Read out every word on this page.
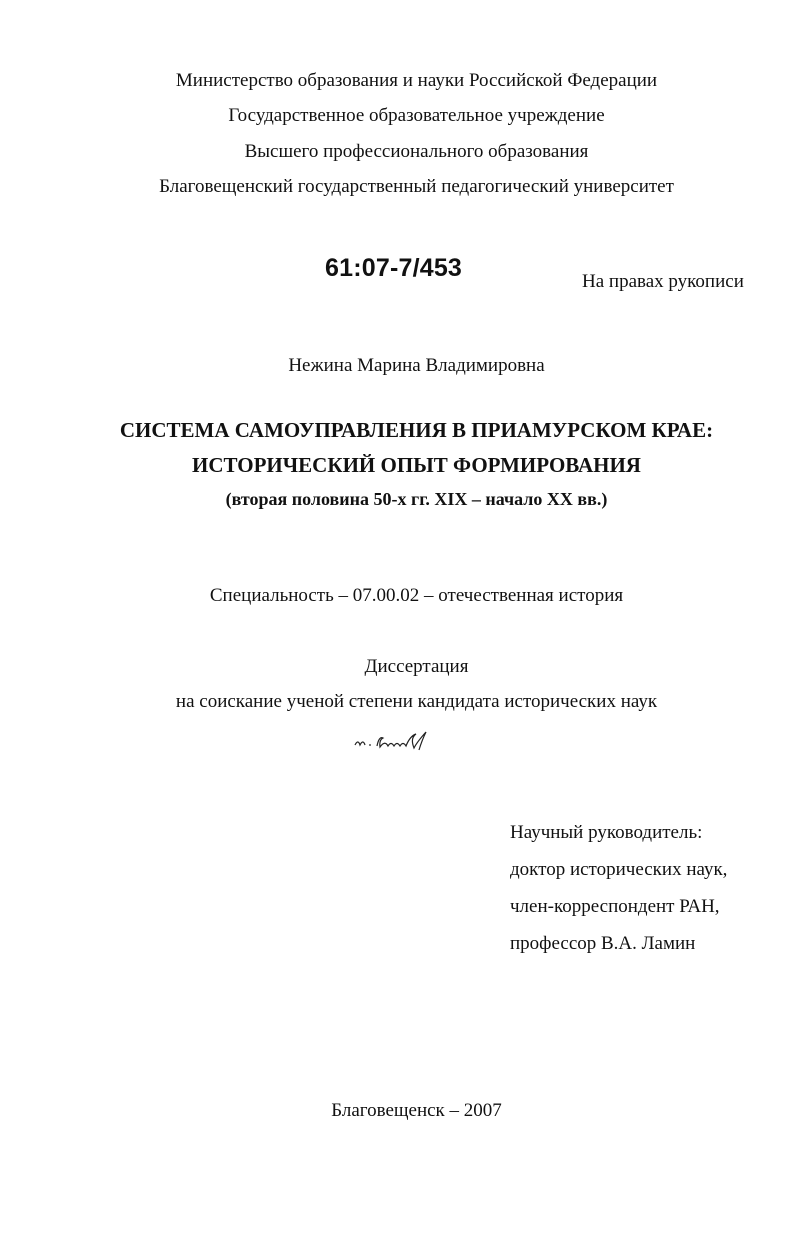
Министерство образования и науки Российской Федерации
Государственное образовательное учреждение
Высшего профессионального образования
Благовещенский государственный педагогический университет
61:07-7/453	На правах рукописи
Нежина Марина Владимировна
СИСТЕМА САМОУПРАВЛЕНИЯ В ПРИАМУРСКОМ КРАЕ:
ИСТОРИЧЕСКИЙ ОПЫТ ФОРМИРОВАНИЯ
(вторая половина 50-х гг. XIX – начало XX вв.)
Специальность – 07.00.02 – отечественная история
Диссертация
на соискание ученой степени кандидата исторических наук
Научный руководитель:
доктор исторических наук,
член-корреспондент РАН,
профессор В.А. Ламин
Благовещенск – 2007
